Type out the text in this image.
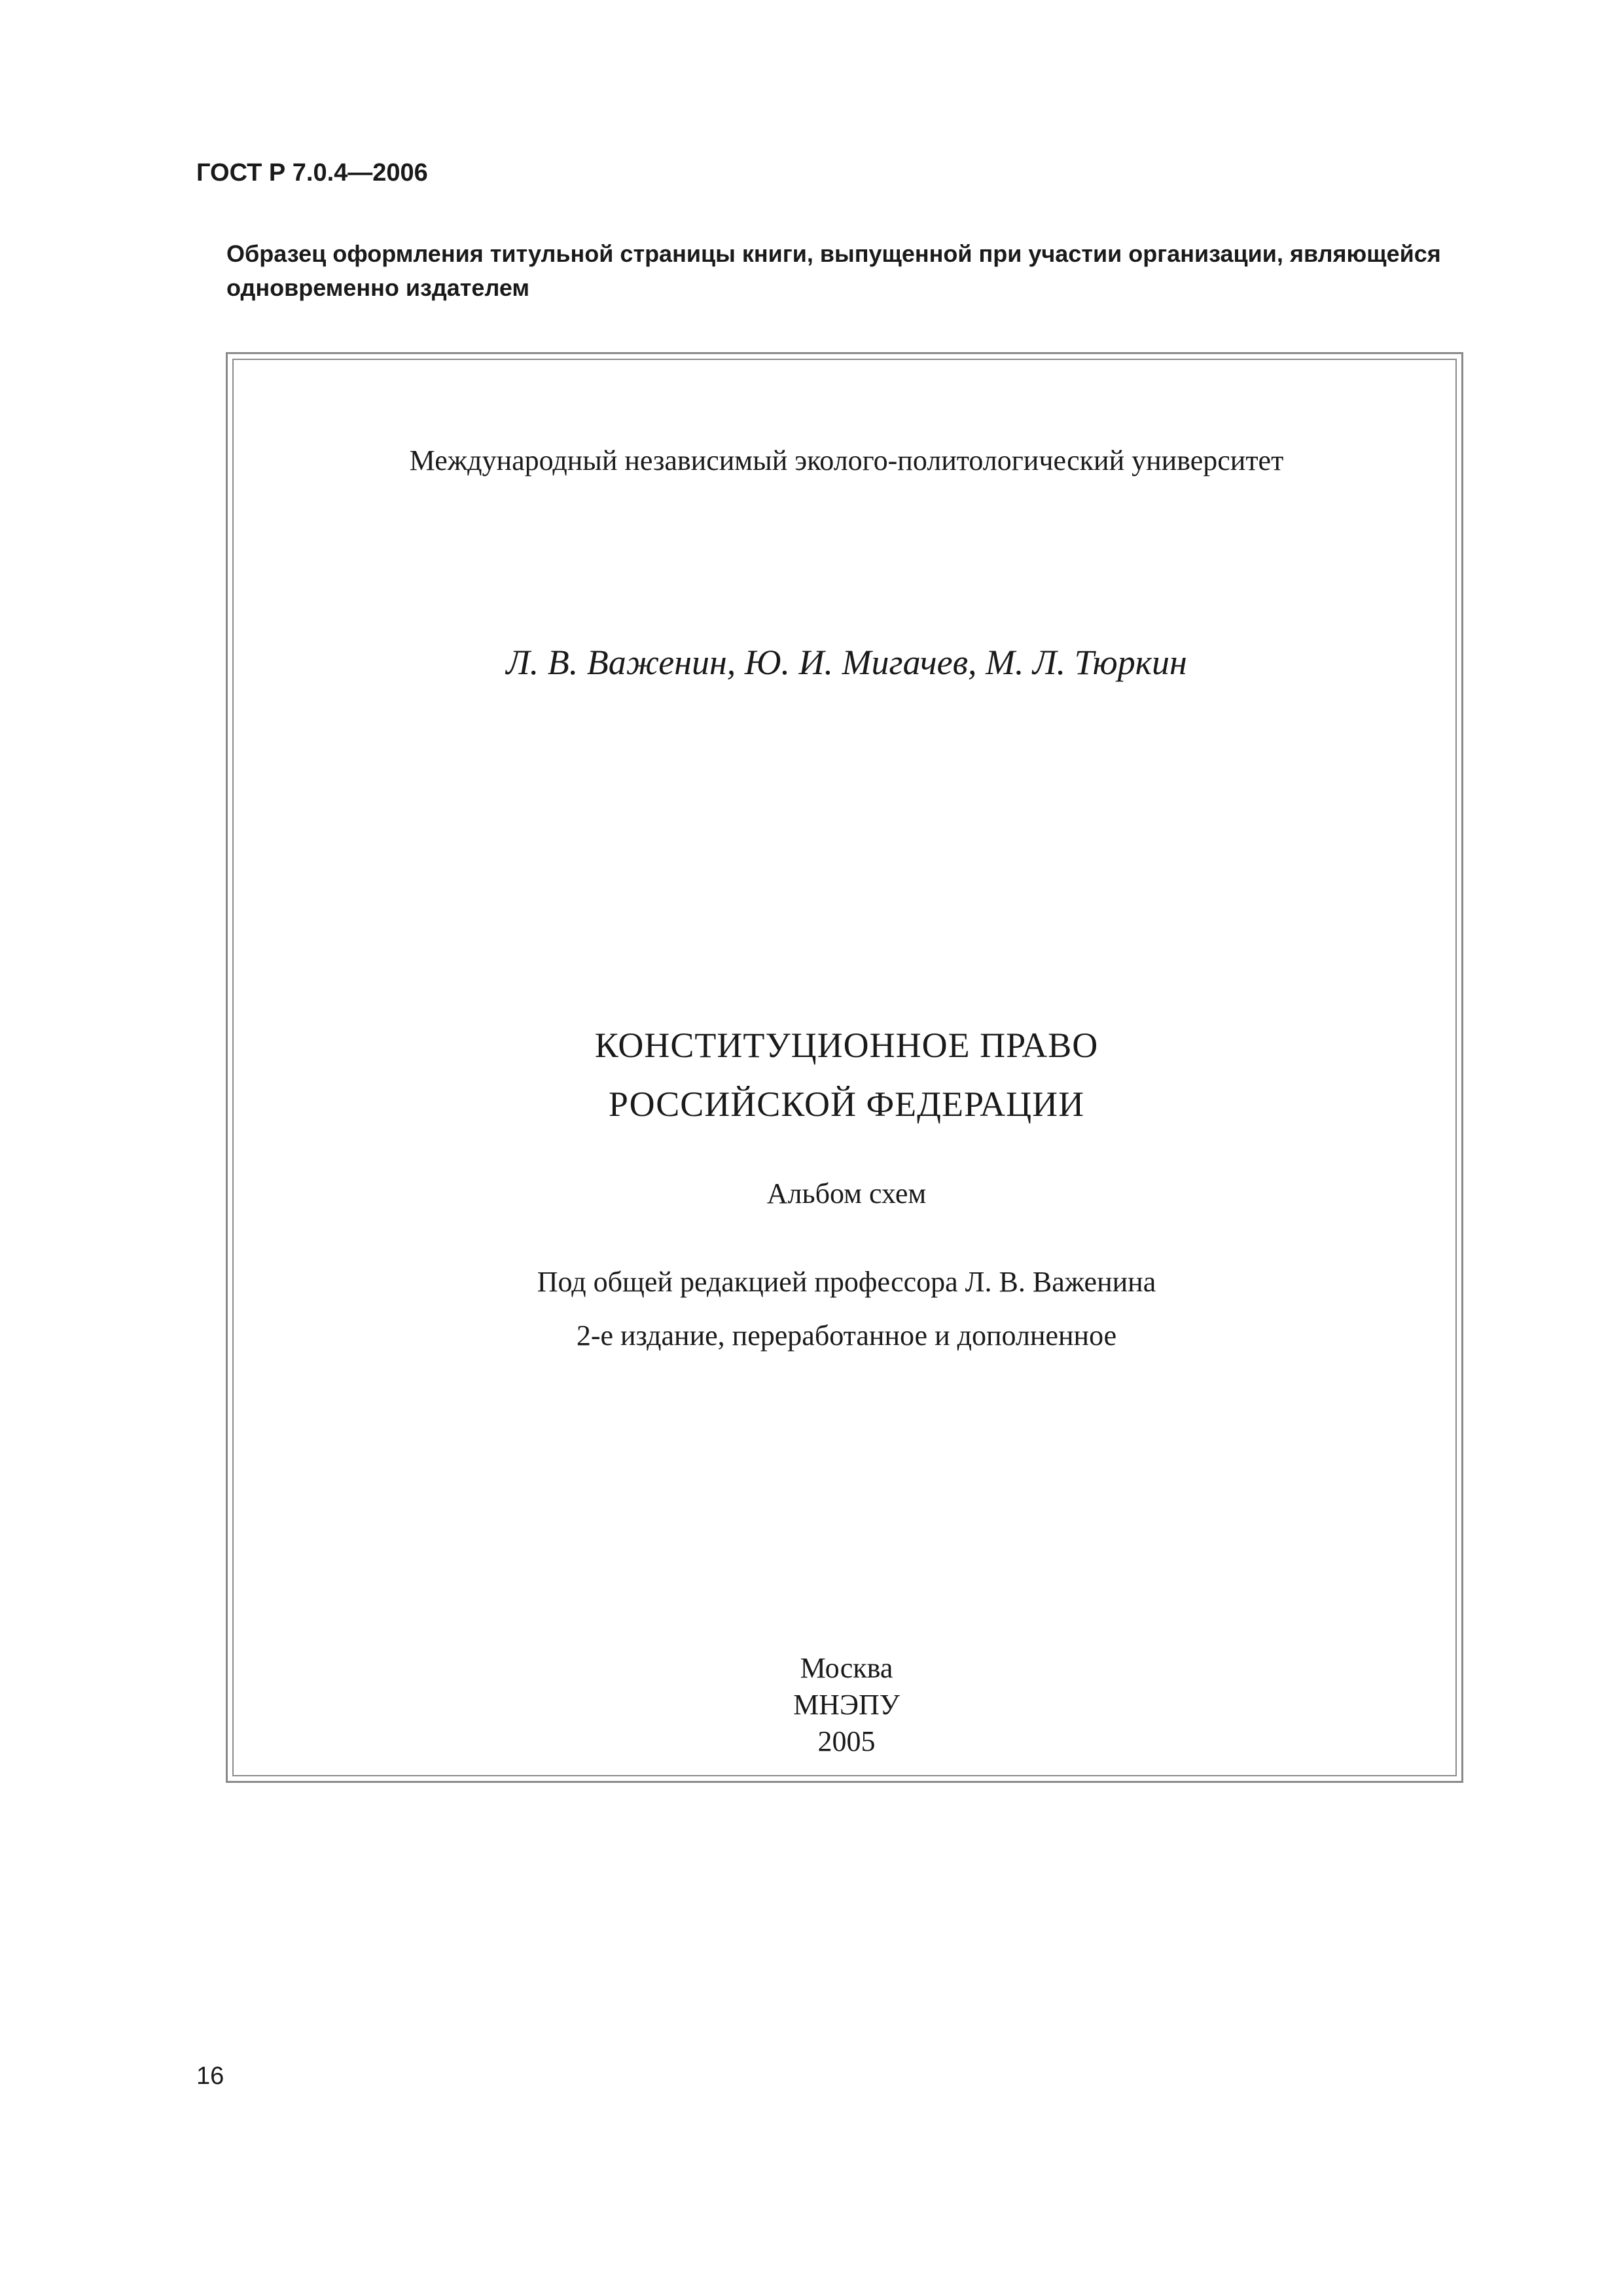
ГОСТ Р 7.0.4—2006
Образец оформления титульной страницы книги, выпущенной при участии организации, являющейся одновременно издателем
Международный независимый эколого-политологический университет
Л. В. Важенин, Ю. И. Мигачев, М. Л. Тюркин
КОНСТИТУЦИОННОЕ ПРАВО
РОССИЙСКОЙ ФЕДЕРАЦИИ
Альбом схем
Под общей редакцией профессора Л. В. Важенина
2-е издание, переработанное и дополненное
Москва
МНЭПУ
2005
16
